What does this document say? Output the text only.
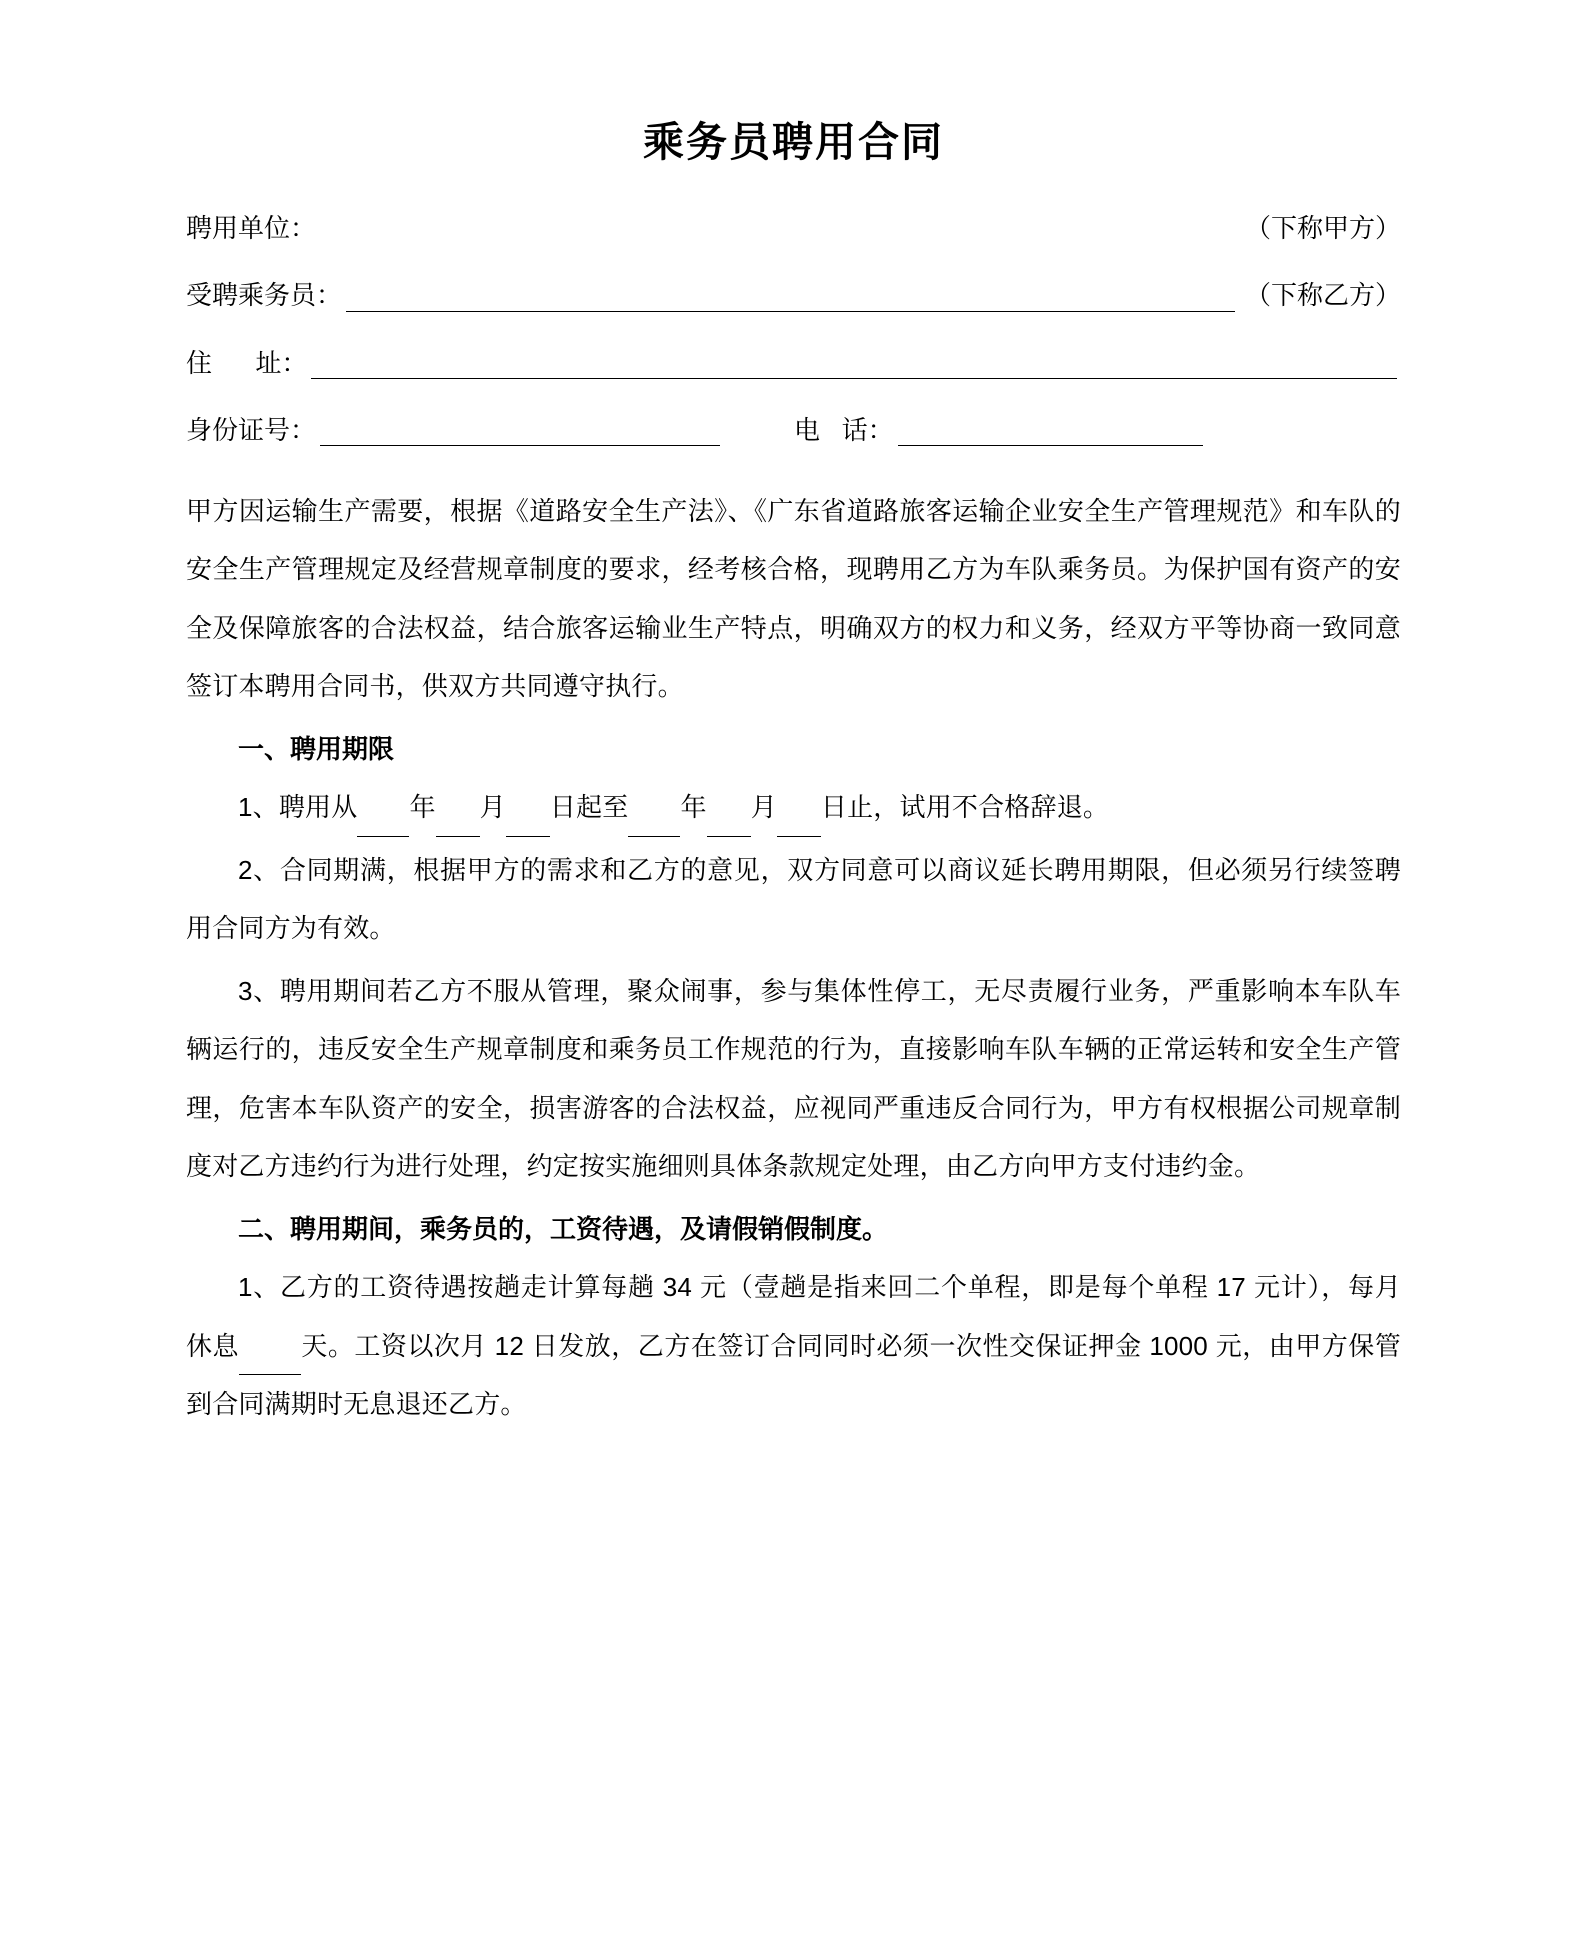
乘务员聘用合同
聘用单位：	（下称甲方）
受聘乘务员：	（下称乙方）
住      址：
身份证号：	电   话：

甲方因运输生产需要，根据《道路安全生产法》、《广东省道路旅客运输企业安全生产管理规范》和车队的安全生产管理规定及经营规章制度的要求，经考核合格，现聘用乙方为车队乘务员。为保护国有资产的安全及保障旅客的合法权益，结合旅客运输业生产特点，明确双方的权力和义务，经双方平等协商一致同意签订本聘用合同书，供双方共同遵守执行。

一、聘用期限

1、聘用从 年 月 日起至 年 月 日止，试用不合格辞退。

2、合同期满，根据甲方的需求和乙方的意见，双方同意可以商议延长聘用期限，但必须另行续签聘用合同方为有效。

3、聘用期间若乙方不服从管理，聚众闹事，参与集体性停工，无尽责履行业务，严重影响本车队车辆运行的，违反安全生产规章制度和乘务员工作规范的行为，直接影响车队车辆的正常运转和安全生产管理，危害本车队资产的安全，损害游客的合法权益，应视同严重违反合同行为，甲方有权根据公司规章制度对乙方违约行为进行处理，约定按实施细则具体条款规定处理，由乙方向甲方支付违约金。

二、聘用期间，乘务员的，工资待遇，及请假销假制度。

1、乙方的工资待遇按趟走计算每趟 34 元（壹趟是指来回二个单程，即是每个单程 17 元计），每月休息 天。工资以次月 12 日发放，乙方在签订合同同时必须一次性交保证押金 1000 元，由甲方保管到合同满期时无息退还乙方。
